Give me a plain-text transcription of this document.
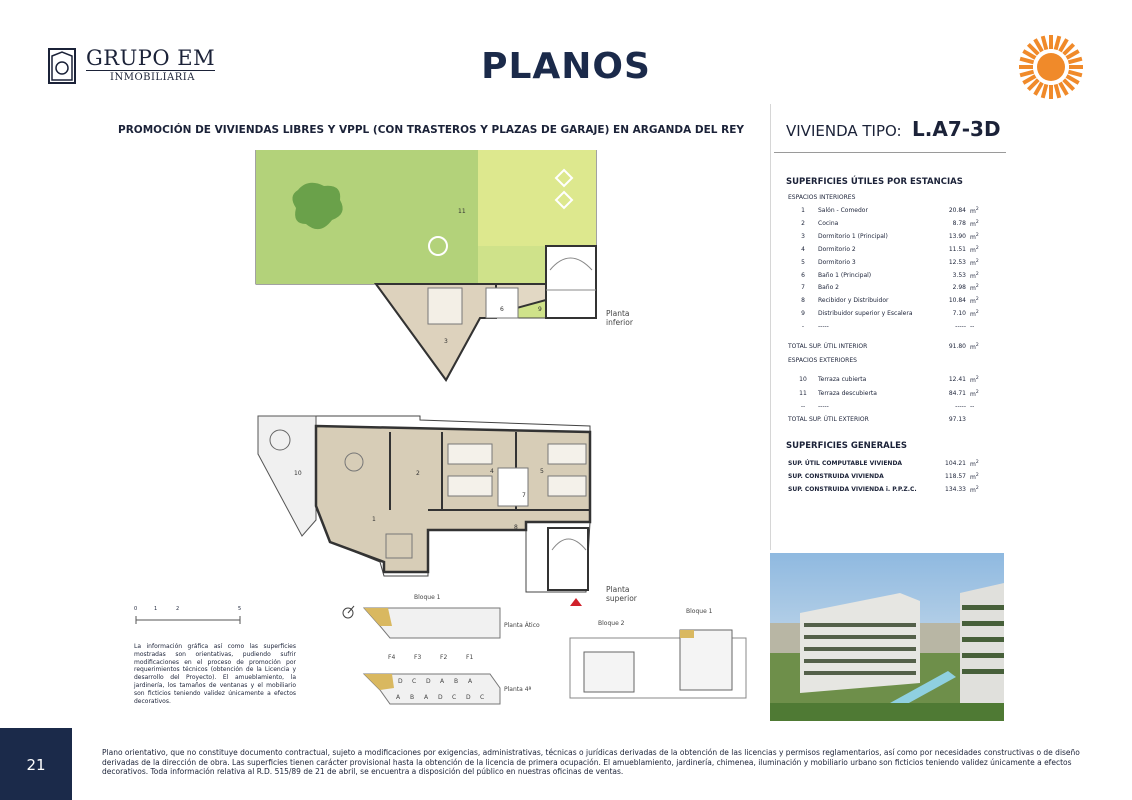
GRUPO EM
INMOBILIARIA	PLANOS
PROMOCIÓN DE VIVIENDAS LIBRES Y VPPL (CON TRASTEROS Y PLAZAS DE GARAJE) EN ARGANDA DEL REY	VIVIENDA TIPO: L.A7-3D
SUPERFICIES ÚTILES POR ESTANCIAS
ESPACIOS INTERIORES
1	Salón - Comedor	20.84 $m^2$
2	Cocina	8.78 $m^2$
3	Dormitorio 1 (Principal)	13.90 $m^2$
4	Dormitorio 2	11.51 $m^2$
5	Dormitorio 3	12.53 $m^2$
6	Baño 1 (Principal)	3.53 $m^2$
7	Baño 2	2.98 $m^2$
8	Recibidor y Distribuidor	10.84 $m^2$
9	Distribuidor superior y Escalera	7.10 $m^2$
-	-----	----- --
TOTAL SUP. ÚTIL INTERIOR	91.80 $m^2$
ESPACIOS EXTERIORES
10 Terraza cubierta	12.41 $m^2$
11 Terraza descubierta	84.71 $m^2$
--	-----	----- --
TOTAL SUP. ÚTIL EXTERIOR	97.13
SUPERFICIES GENERALES
SUP. ÚTIL COMPUTABLE VIVIENDA	104.21 $m^2$
SUP. CONSTRUIDA VIVIENDA	118.57 $m^2$
SUP. CONSTRUIDA VIVIENDA i. P.P.Z.C.	134.33 $m^2$
11
3
6	9
10	2	4	5
7
1
8
Planta inferior
Planta superior
0	1	2	5
La información gráfica así como las superficies mostradas son orientativas, pudiendo sufrir modificaciones en el proceso de promoción por requerimientos técnicos (obtención de la Licencia y desarrollo del Proyecto). El amueblamiento, la jardinería, los tamaños de ventanas y el mobiliario son ficticios teniendo validez únicamente a efectos decorativos.
Bloque 1
Planta Ático
Planta 4ª
Bloque 2
Bloque 1
F4	F3	F2	F1
D C D A B A
A B A D C D C
21
Plano orientativo, que no constituye documento contractual, sujeto a modificaciones por exigencias, administrativas, técnicas o jurídicas derivadas de la obtención de las licencias y permisos reglamentarios, así como por necesidades constructivas o de diseño derivadas de la dirección de obra. Las superficies tienen carácter provisional hasta la obtención de la licencia de primera ocupación. El amueblamiento, jardinería, chimenea, iluminación y mobiliario urbano son ficticios teniendo validez únicamente a efectos decorativos. Toda información relativa al R.D. 515/89 de 21 de abril, se encuentra a disposición del público en nuestras oficinas de ventas.
